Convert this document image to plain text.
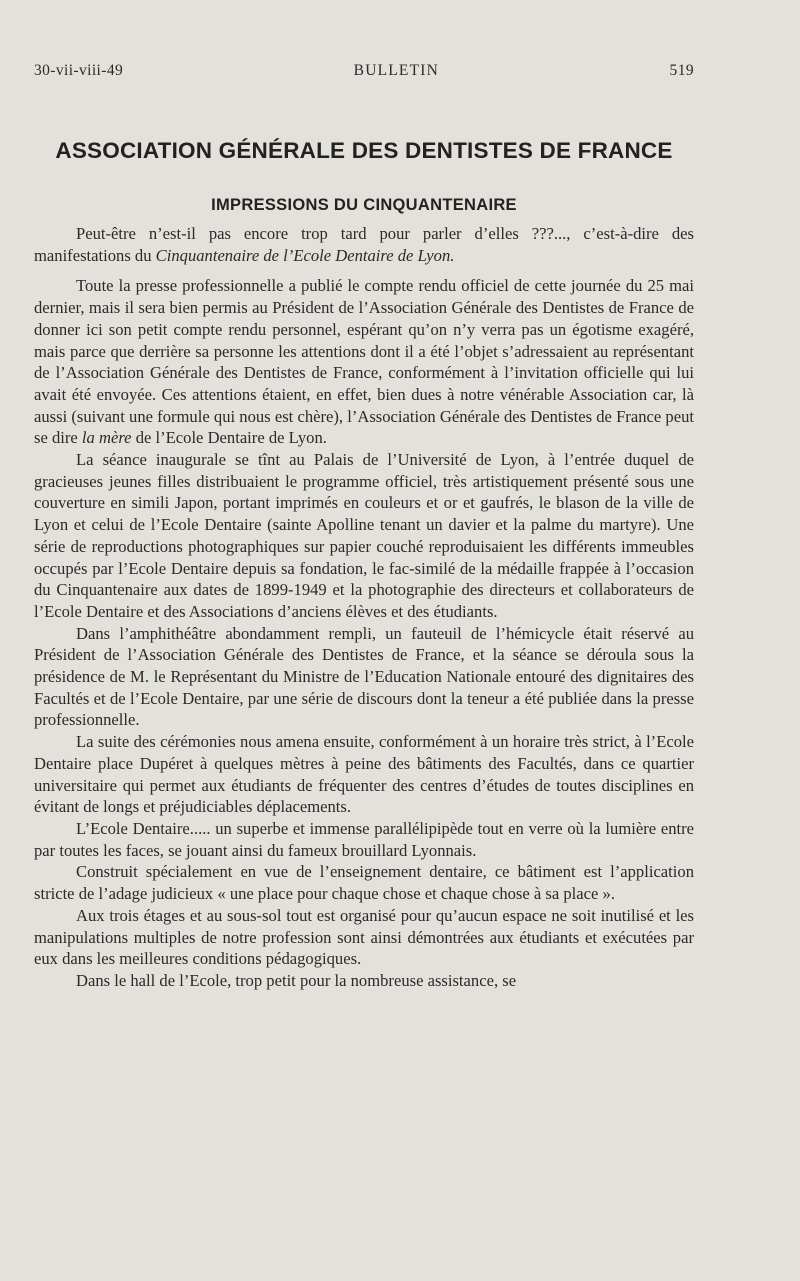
30-vii-viii-49	BULLETIN	519
ASSOCIATION GÉNÉRALE DES DENTISTES DE FRANCE
IMPRESSIONS DU CINQUANTENAIRE

Peut-être n’est-il pas encore trop tard pour parler d’elles ???..., c’est-à-dire des manifestations du Cinquantenaire de l’Ecole Dentaire de Lyon.

Toute la presse professionnelle a publié le compte rendu officiel de cette journée du 25 mai dernier, mais il sera bien permis au Président de l’Association Générale des Dentistes de France de donner ici son petit compte rendu personnel, espérant qu’on n’y verra pas un égotisme exagéré, mais parce que derrière sa personne les attentions dont il a été l’objet s’adressaient au représentant de l’Association Générale des Dentistes de France, conformément à l’invitation officielle qui lui avait été envoyée. Ces attentions étaient, en effet, bien dues à notre vénérable Association car, là aussi (suivant une formule qui nous est chère), l’Association Générale des Dentistes de France peut se dire la mère de l’Ecole Dentaire de Lyon.

La séance inaugurale se tînt au Palais de l’Université de Lyon, à l’entrée duquel de gracieuses jeunes filles distribuaient le programme officiel, très artistiquement présenté sous une couverture en simili Japon, portant imprimés en couleurs et or et gaufrés, le blason de la ville de Lyon et celui de l’Ecole Dentaire (sainte Apolline tenant un davier et la palme du martyre). Une série de reproductions photographiques sur papier couché reproduisaient les différents immeubles occupés par l’Ecole Dentaire depuis sa fondation, le fac-similé de la médaille frappée à l’occasion du Cinquantenaire aux dates de 1899-1949 et la photographie des directeurs et collaborateurs de l’Ecole Dentaire et des Associations d’anciens élèves et des étudiants.

Dans l’amphithéâtre abondamment rempli, un fauteuil de l’hémicycle était réservé au Président de l’Association Générale des Dentistes de France, et la séance se déroula sous la présidence de M. le Représentant du Ministre de l’Education Nationale entouré des dignitaires des Facultés et de l’Ecole Dentaire, par une série de discours dont la teneur a été publiée dans la presse professionnelle.

La suite des cérémonies nous amena ensuite, conformément à un horaire très strict, à l’Ecole Dentaire place Dupéret à quelques mètres à peine des bâtiments des Facultés, dans ce quartier universitaire qui permet aux étudiants de fréquenter des centres d’études de toutes disciplines en évitant de longs et préjudiciables déplacements.

L’Ecole Dentaire..... un superbe et immense parallélipipède tout en verre où la lumière entre par toutes les faces, se jouant ainsi du fameux brouillard Lyonnais.

Construit spécialement en vue de l’enseignement dentaire, ce bâtiment est l’application stricte de l’adage judicieux « une place pour chaque chose et chaque chose à sa place ».

Aux trois étages et au sous-sol tout est organisé pour qu’aucun espace ne soit inutilisé et les manipulations multiples de notre profession sont ainsi démontrées aux étudiants et exécutées par eux dans les meilleures conditions pédagogiques.

Dans le hall de l’Ecole, trop petit pour la nombreuse assistance, se
